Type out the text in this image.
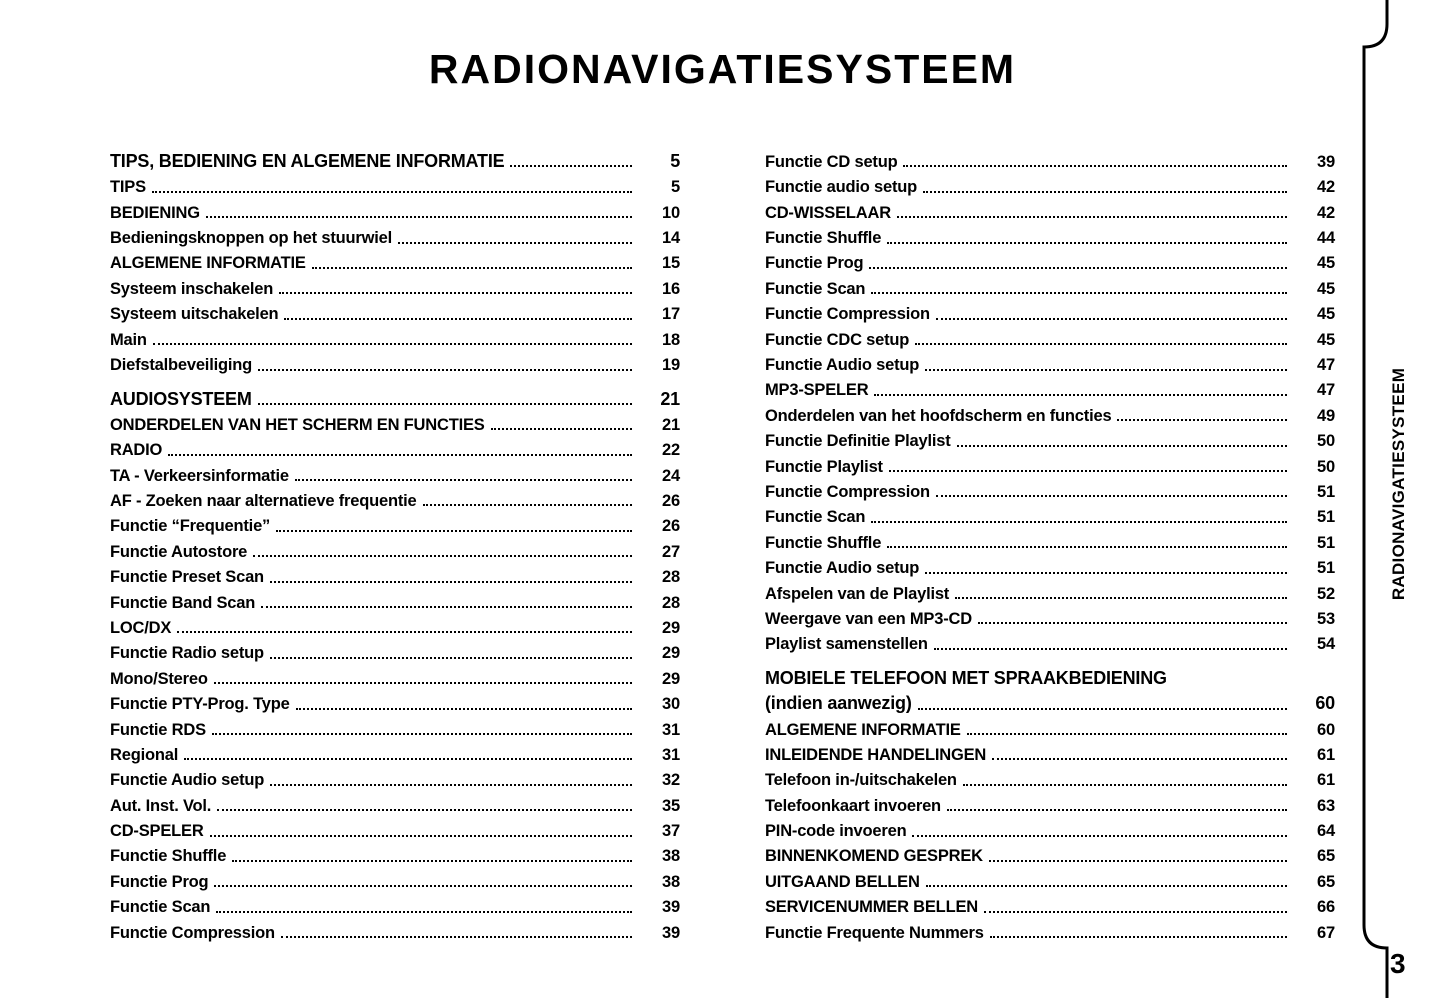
RADIONAVIGATIESYSTEEM
TIPS, BEDIENING EN ALGEMENE INFORMATIE	5
TIPS	5
BEDIENING	10
Bedieningsknoppen op het stuurwiel	14
ALGEMENE INFORMATIE	15
Systeem inschakelen	16
Systeem uitschakelen	17
Main	18
Diefstalbeveiliging	19
AUDIOSYSTEEM	21
ONDERDELEN VAN HET SCHERM EN FUNCTIES	21
RADIO	22
TA - Verkeersinformatie	24
AF - Zoeken naar alternatieve frequentie	26
Functie “Frequentie”	26
Functie Autostore	27
Functie Preset Scan	28
Functie Band Scan	28
LOC/DX	29
Functie Radio setup	29
Mono/Stereo	29
Functie PTY-Prog. Type	30
Functie RDS	31
Regional	31
Functie Audio setup	32
Aut. Inst. Vol.	35
CD-SPELER	37
Functie Shuffle	38
Functie Prog	38
Functie Scan	39
Functie Compression	39
Functie CD setup	39
Functie audio setup	42
CD-WISSELAAR	42
Functie Shuffle	44
Functie Prog	45
Functie Scan	45
Functie Compression	45
Functie CDC setup	45
Functie Audio setup	47
MP3-SPELER	47
Onderdelen van het hoofdscherm en functies	49
Functie Definitie Playlist	50
Functie Playlist	50
Functie Compression	51
Functie Scan	51
Functie Shuffle	51
Functie Audio setup	51
Afspelen van de Playlist	52
Weergave van een MP3-CD	53
Playlist samenstellen	54
MOBIELE TELEFOON MET SPRAAKBEDIENING
(indien aanwezig)	60
ALGEMENE INFORMATIE	60
INLEIDENDE HANDELINGEN	61
Telefoon in-/uitschakelen	61
Telefoonkaart invoeren	63
PIN-code invoeren	64
BINNENKOMEND GESPREK	65
UITGAAND BELLEN	65
SERVICENUMMER BELLEN	66
Functie Frequente Nummers	67
RADIONAVIGATIESYSTEEM
3
